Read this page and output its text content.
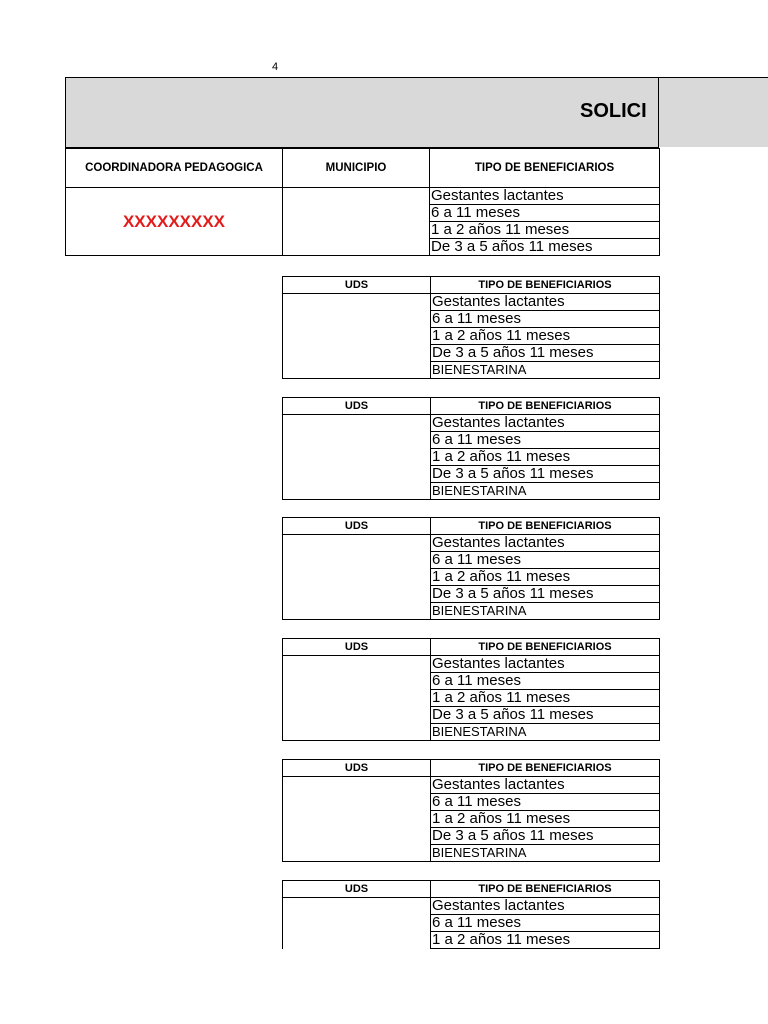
4
SOLICI
COORDINADORA PEDAGOGICA	MUNICIPIO	TIPO DE BENEFICIARIOS
XXXXXXXXX		Gestantes lactantes
		6 a 11 meses
		1 a 2 años 11 meses
		De 3 a 5 años 11 meses
UDS	TIPO DE BENEFICIARIOS
	Gestantes lactantes
	6 a 11 meses
	1 a 2 años 11 meses
	De 3 a 5 años 11 meses
	BIENESTARINA
UDS	TIPO DE BENEFICIARIOS
	Gestantes lactantes
	6 a 11 meses
	1 a 2 años 11 meses
	De 3 a 5 años 11 meses
	BIENESTARINA
UDS	TIPO DE BENEFICIARIOS
	Gestantes lactantes
	6 a 11 meses
	1 a 2 años 11 meses
	De 3 a 5 años 11 meses
	BIENESTARINA
UDS	TIPO DE BENEFICIARIOS
	Gestantes lactantes
	6 a 11 meses
	1 a 2 años 11 meses
	De 3 a 5 años 11 meses
	BIENESTARINA
UDS	TIPO DE BENEFICIARIOS
	Gestantes lactantes
	6 a 11 meses
	1 a 2 años 11 meses
	De 3 a 5 años 11 meses
	BIENESTARINA
UDS	TIPO DE BENEFICIARIOS
	Gestantes lactantes
	6 a 11 meses
	1 a 2 años 11 meses
